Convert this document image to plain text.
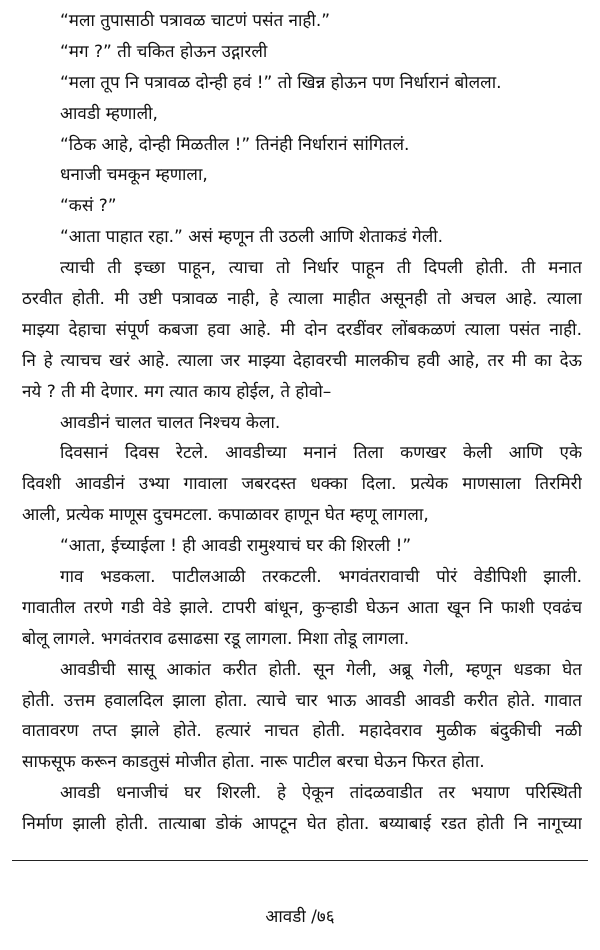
“मला तुपासाठी पत्रावळ चाटणं पसंत नाही.”
“मग ?” ती चकित होऊन उद्गारली
“मला तूप नि पत्रावळ दोन्ही हवं !” तो खिन्न होऊन पण निर्धारानं बोलला.
आवडी म्हणाली,
“ठिक आहे, दोन्ही मिळतील !” तिनंही निर्धारानं सांगितलं.
धनाजी चमकून म्हणाला,
“कसं ?”
“आता पाहात रहा.” असं म्हणून ती उठली आणि शेताकडं गेली.
त्याची ती इच्छा पाहून, त्याचा तो निर्धार पाहून ती दिपली होती. ती मनात
ठरवीत होती. मी उष्टी पत्रावळ नाही, हे त्याला माहीत असूनही तो अचल आहे. त्याला
माझ्या देहाचा संपूर्ण कबजा हवा आहे. मी दोन दरडींवर लोंबकळणं त्याला पसंत नाही.
नि हे त्याचच खरं आहे. त्याला जर माझ्या देहावरची मालकीच हवी आहे, तर मी का देऊ
नये ? ती मी देणार. मग त्यात काय होईल, ते होवो–
आवडीनं चालत चालत निश्चय केला.
दिवसानं दिवस रेटले. आवडीच्या मनानं तिला कणखर केली आणि एके
दिवशी आवडीनं उभ्या गावाला जबरदस्त धक्का दिला. प्रत्येक माणसाला तिरमिरी
आली, प्रत्येक माणूस दुचमटला. कपाळावर हाणून घेत म्हणू लागला,
“आता, ईच्याईला ! ही आवडी रामुश्याचं घर की शिरली !”
गाव भडकला. पाटीलआळी तरकटली. भगवंतरावाची पोरं वेडीपिशी झाली.
गावातील तरणे गडी वेडे झाले. टापरी बांधून, कुऱ्हाडी घेऊन आता खून नि फाशी एवढंच
बोलू लागले. भगवंतराव ढसाढसा रडू लागला. मिशा तोडू लागला.
आवडीची सासू आकांत करीत होती. सून गेली, अब्रू गेली, म्हणून धडका घेत
होती. उत्तम हवालदिल झाला होता. त्याचे चार भाऊ आवडी आवडी करीत होते. गावात
वातावरण तप्त झाले होते. हत्यारं नाचत होती. महादेवराव मुळीक बंदुकीची नळी
साफसूफ करून काडतुसं मोजीत होता. नारू पाटील बरचा घेऊन फिरत होता.
आवडी धनाजीचं घर शिरली. हे ऐकून तांदळवाडीत तर भयाण परिस्थिती
निर्माण झाली होती. तात्याबा डोकं आपटून घेत होता. बय्याबाई रडत होती नि नागूच्या
आवडी /७६
